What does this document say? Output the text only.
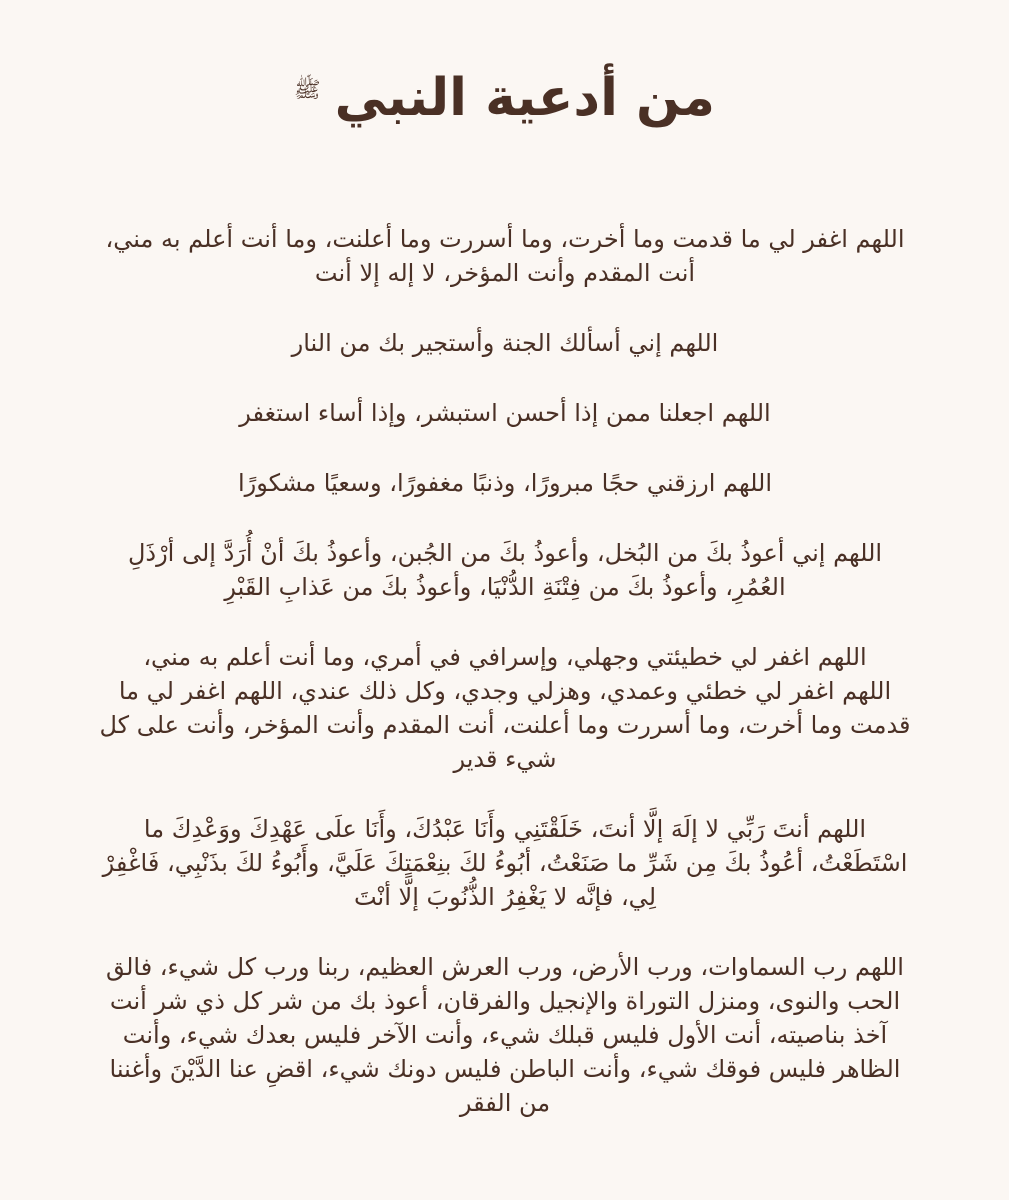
من أدعية النبي
ﷺ
اللهم اغفر لي ما قدمت وما أخرت، وما أسررت وما أعلنت، وما أنت أعلم به مني،
أنت المقدم وأنت المؤخر، لا إله إلا أنت
اللهم إني أسألك الجنة وأستجير بك من النار
اللهم اجعلنا ممن إذا أحسن استبشر، وإذا أساء استغفر
اللهم ارزقني حجًا مبرورًا، وذنبًا مغفورًا، وسعيًا مشكورًا
اللهم إني أعوذُ بكَ من البُخل، وأعوذُ بكَ من الجُبن، وأعوذُ بكَ أنْ أُرَدَّ إلى أرْذَلِ
العُمُرِ، وأعوذُ بكَ من فِتْنَةِ الدُّنْيَا، وأعوذُ بكَ من عَذابِ القَبْرِ
اللهم اغفر لي خطيئتي وجهلي، وإسرافي في أمري، وما أنت أعلم به مني،
اللهم اغفر لي خطئي وعمدي، وهزلي وجدي، وكل ذلك عندي، اللهم اغفر لي ما
قدمت وما أخرت، وما أسررت وما أعلنت، أنت المقدم وأنت المؤخر، وأنت على كل
شيء قدير
اللهم أنتَ رَبِّي لا إلَهَ إلَّا أنتَ، خَلَقْتَنِي وأَنَا عَبْدُكَ، وأَنَا علَى عَهْدِكَ ووَعْدِكَ ما
اسْتَطَعْتُ، أعُوذُ بكَ مِن شَرِّ ما صَنَعْتُ، أبُوءُ لكَ بنِعْمَتِكَ عَلَيَّ، وأَبُوءُ لكَ بذَنْبِي، فَاغْفِرْ
لِي، فإنَّه لا يَغْفِرُ الذُّنُوبَ إلَّا أنْتَ
اللهم رب السماوات، ورب الأرض، ورب العرش العظيم، ربنا ورب كل شيء، فالق
الحب والنوى، ومنزل التوراة والإنجيل والفرقان، أعوذ بك من شر كل ذي شر أنت
آخذ بناصيته، أنت الأول فليس قبلك شيء، وأنت الآخر فليس بعدك شيء، وأنت
الظاهر فليس فوقك شيء، وأنت الباطن فليس دونك شيء، اقضِ عنا الدَّيْنَ وأغننا
من الفقر
